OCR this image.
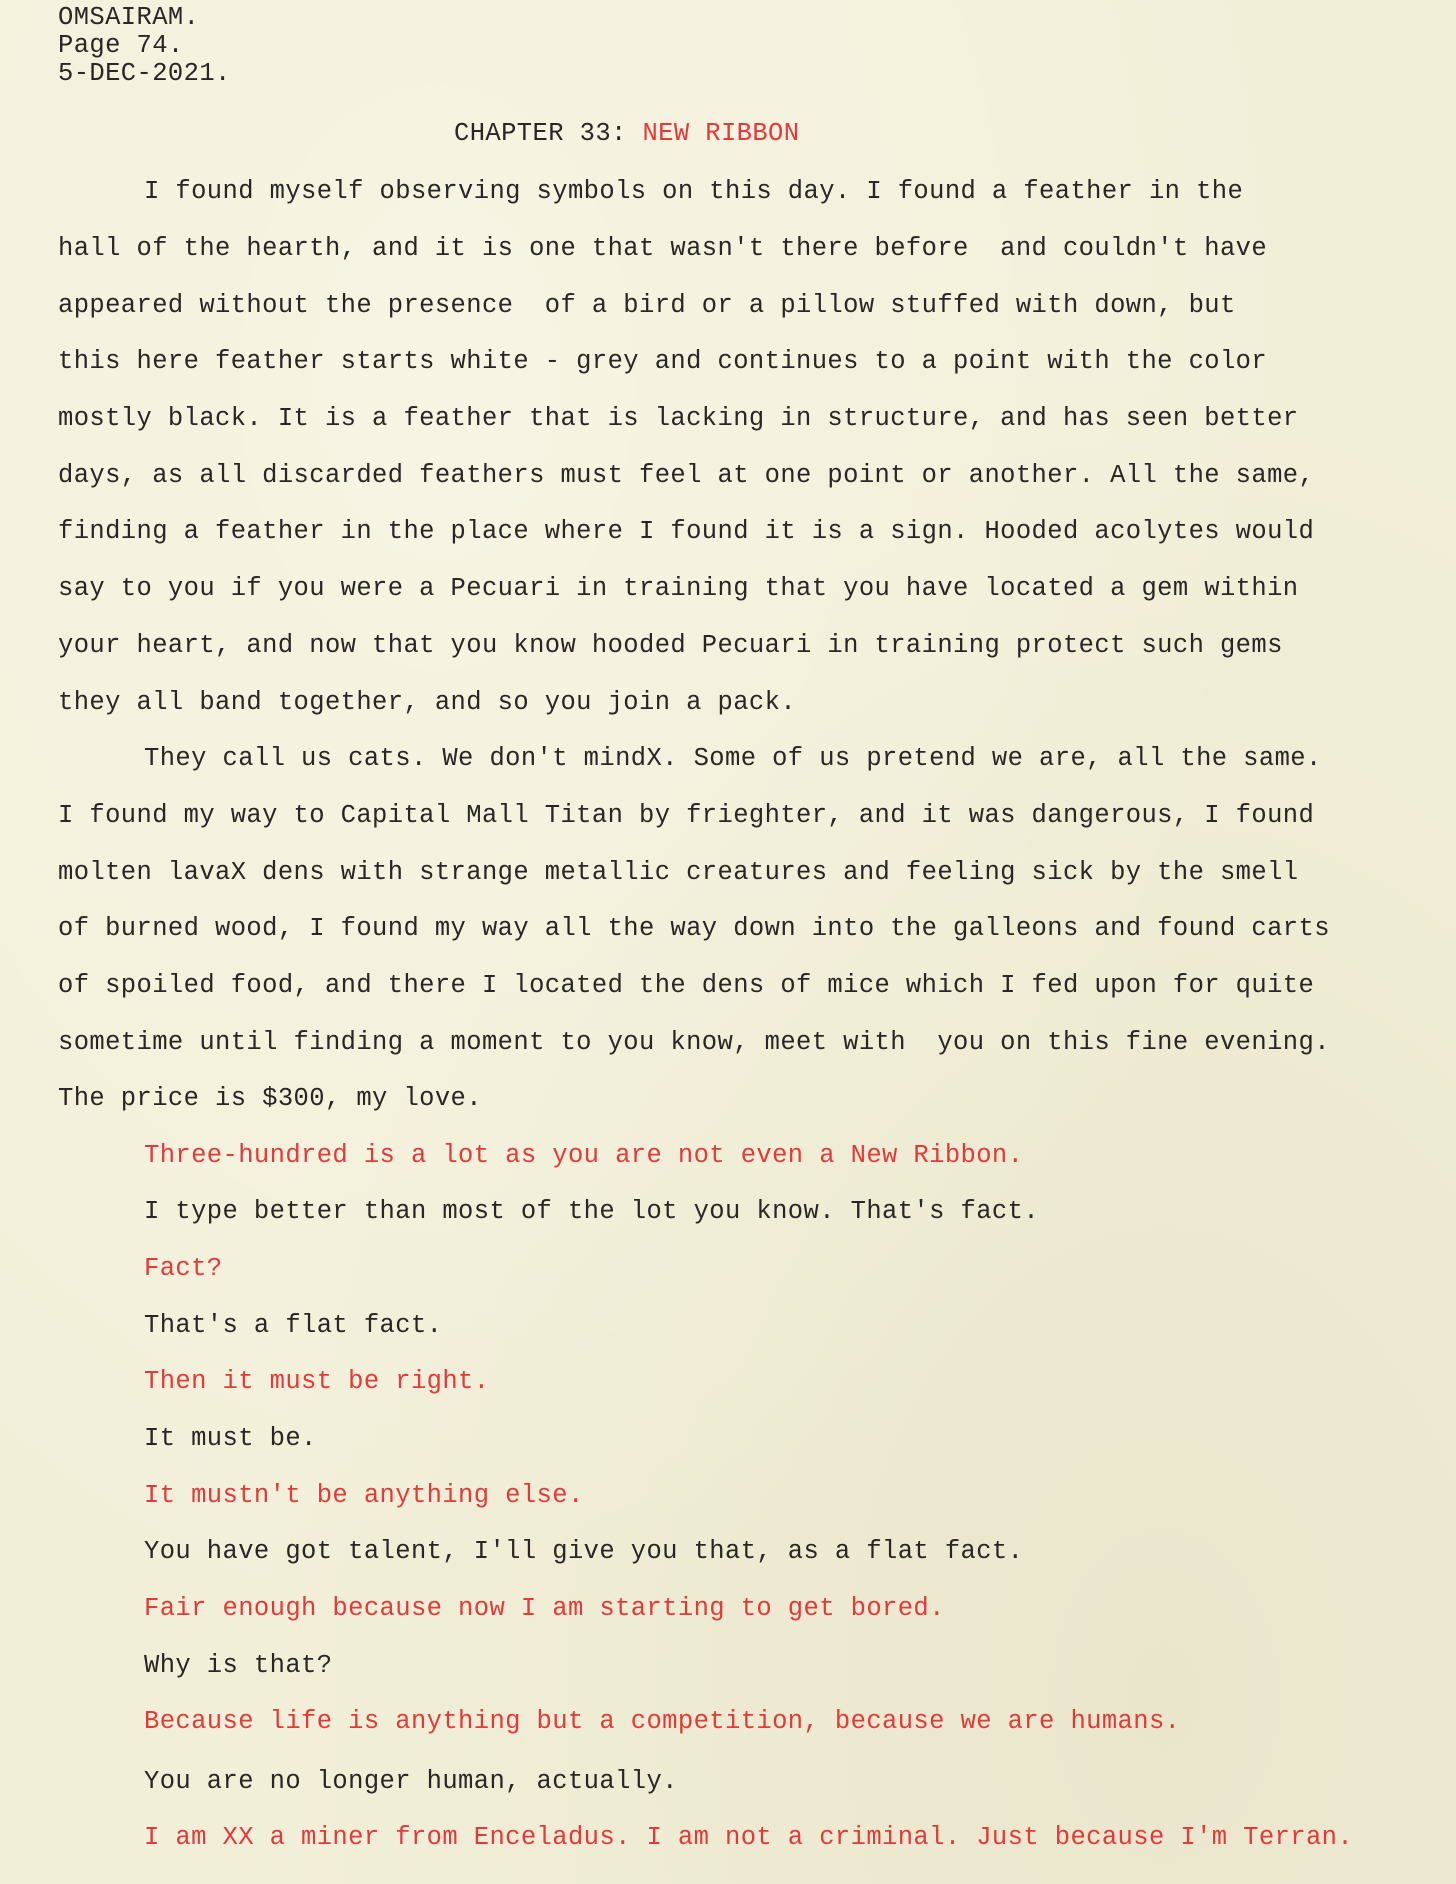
OMSAIRAM.
Page 74.
5-DEC-2021.
CHAPTER 33: NEW RIBBON
I found myself observing symbols on this day. I found a feather in the
hall of the hearth, and it is one that wasn't there before  and couldn't have
appeared without the presence  of a bird or a pillow stuffed with down, but
this here feather starts white - grey and continues to a point with the color
mostly black. It is a feather that is lacking in structure, and has seen better
days, as all discarded feathers must feel at one point or another. All the same,
finding a feather in the place where I found it is a sign. Hooded acolytes would
say to you if you were a Pecuari in training that you have located a gem within
your heart, and now that you know hooded Pecuari in training protect such gems
they all band together, and so you join a pack.
They call us cats. We don't mindX. Some of us pretend we are, all the same.
I found my way to Capital Mall Titan by frieghter, and it was dangerous, I found
molten lavaX dens with strange metallic creatures and feeling sick by the smell
of burned wood, I found my way all the way down into the galleons and found carts
of spoiled food, and there I located the dens of mice which I fed upon for quite
sometime until finding a moment to you know, meet with  you on this fine evening.
The price is $300, my love.
Three-hundred is a lot as you are not even a New Ribbon.
I type better than most of the lot you know. That's fact.
Fact?
That's a flat fact.
Then it must be right.
It must be.
It mustn't be anything else.
You have got talent, I'll give you that, as a flat fact.
Fair enough because now I am starting to get bored.
Why is that?
Because life is anything but a competition, because we are humans.
You are no longer human, actually.
I am XX a miner from Enceladus. I am not a criminal. Just because I'm Terran.
